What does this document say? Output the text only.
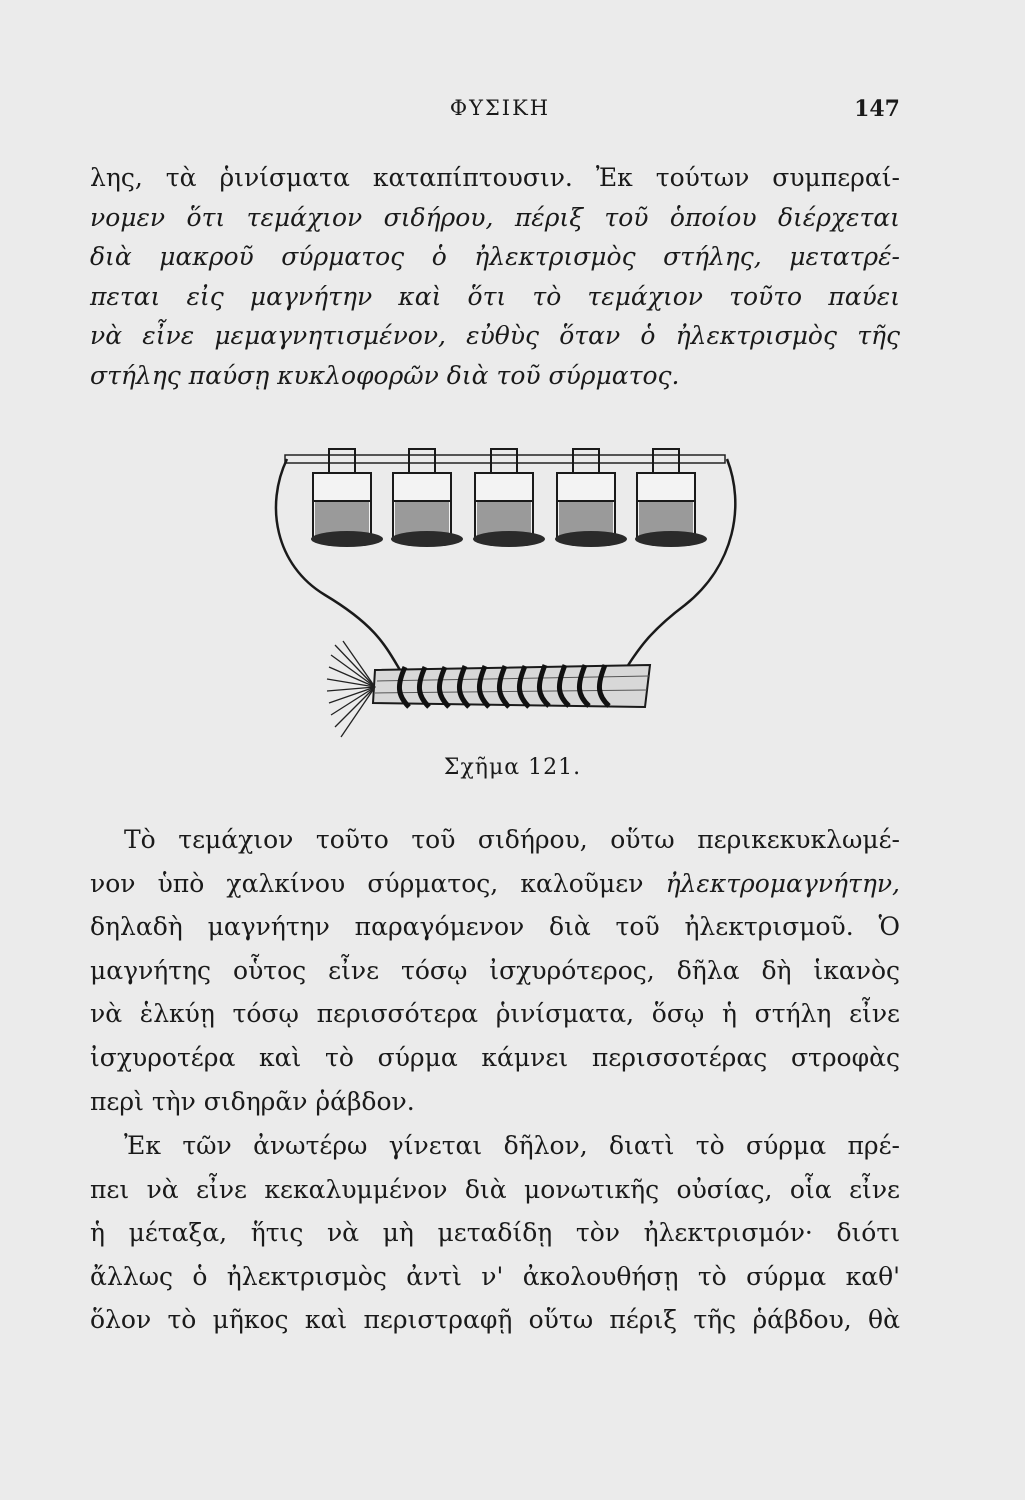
ΦΥΣΙΚΗ	147
λης, τὰ ῥινίσματα καταπίπτουσιν. Ἐκ τούτων συμπεραί-
νομεν ὅτι τεμάχιον σιδήρου, πέριξ τοῦ ὁποίου διέρχεται
διὰ μακροῦ σύρματος ὁ ἠλεκτρισμὸς στήλης, μετατρέ-
πεται εἰς μαγνήτην καὶ ὅτι τὸ τεμάχιον τοῦτο παύει
νὰ εἶνε μεμαγνητισμένον, εὐθὺς ὅταν ὁ ἠλεκτρισμὸς τῆς
στήλης παύσῃ κυκλοφορῶν διὰ τοῦ σύρματος.
Σχῆμα 121.
Τὸ τεμάχιον τοῦτο τοῦ σιδήρου, οὕτω περικεκυκλωμέ-
νον ὑπὸ χαλκίνου σύρματος, καλοῦμεν ἠλεκτρομαγνήτην,
δηλαδὴ μαγνήτην παραγόμενον διὰ τοῦ ἠλεκτρισμοῦ. Ὁ
μαγνήτης οὗτος εἶνε τόσῳ ἰσχυρότερος, δῆλα δὴ ἱκανὸς
νὰ ἑλκύῃ τόσῳ περισσότερα ῥινίσματα, ὅσῳ ἡ στήλη εἶνε
ἰσχυροτέρα καὶ τὸ σύρμα κάμνει περισσοτέρας στροφὰς
περὶ τὴν σιδηρᾶν ῥάβδον.
Ἐκ τῶν ἀνωτέρω γίνεται δῆλον, διατὶ τὸ σύρμα πρέ-
πει νὰ εἶνε κεκαλυμμένον διὰ μονωτικῆς οὐσίας, οἷα εἶνε
ἡ μέταξα, ἥτις νὰ μὴ μεταδίδῃ τὸν ἠλεκτρισμόν· διότι
ἄλλως ὁ ἠλεκτρισμὸς ἀντὶ ν' ἀκολουθήσῃ τὸ σύρμα καθ'
ὅλον τὸ μῆκος καὶ περιστραφῇ οὕτω πέριξ τῆς ῥάβδου, θὰ
